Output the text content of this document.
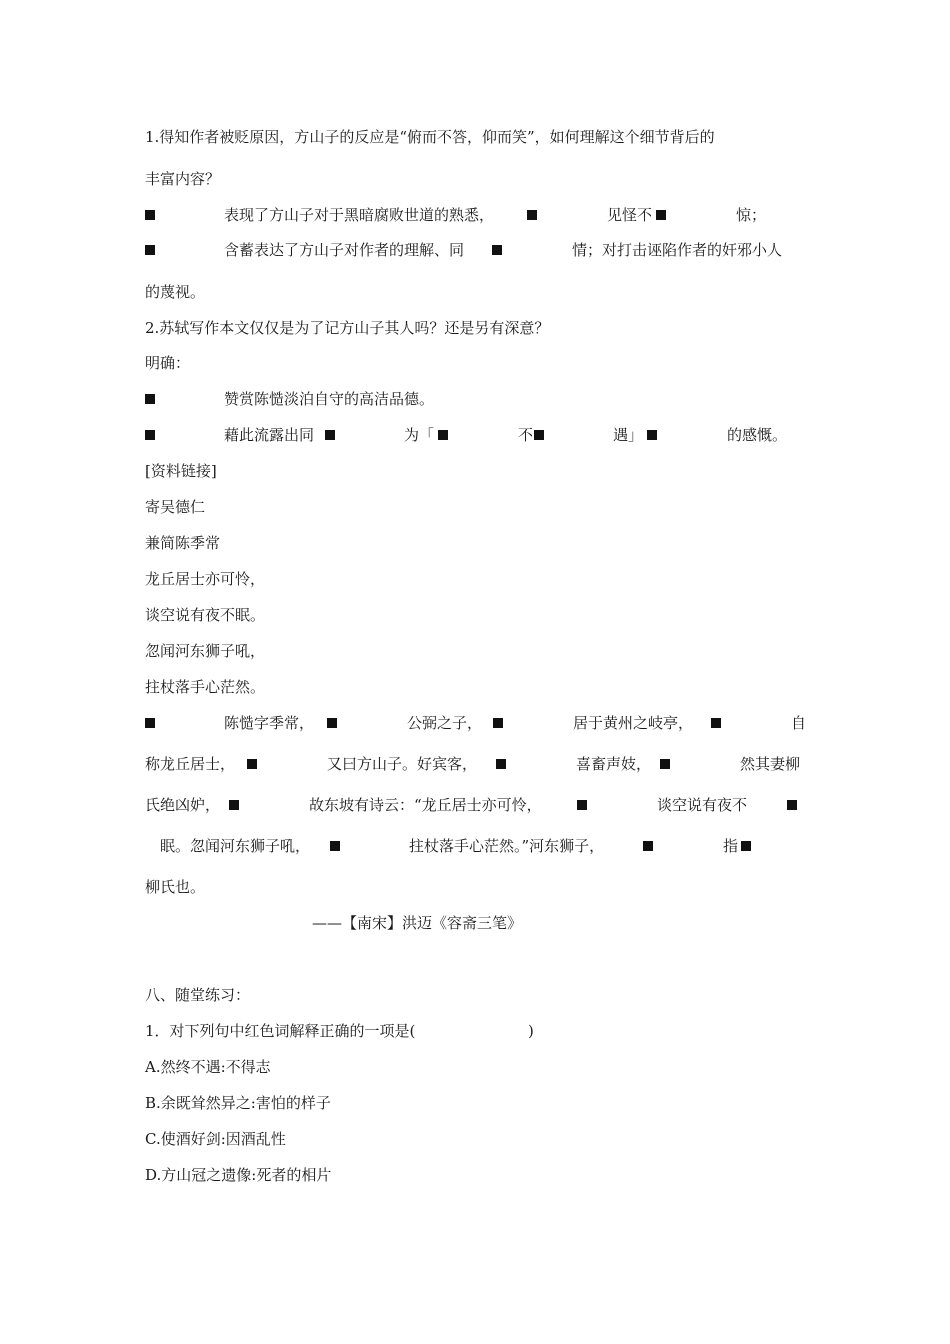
1.得知作者被贬原因，方山子的反应是“俯而不答，仰而笑”，如何理解这个细节背后的
丰富内容？
表现了方山子对于黑暗腐败世道的熟悉，	见怪不	惊；
含蓄表达了方山子对作者的理解、同	情；对打击诬陷作者的奸邪小人
的蔑视。
2.苏轼写作本文仅仅是为了记方山子其人吗？还是另有深意？
明确：
赞赏陈慥淡泊自守的高洁品德。
藉此流露出同	为「	不	遇」	的感慨。
[资料链接]
寄吴德仁
兼简陈季常
龙丘居士亦可怜，
谈空说有夜不眠。
忽闻河东狮子吼，
拄杖落手心茫然。
陈慥字季常，	公弼之子，	居于黄州之岐亭，	自
称龙丘居士，	又曰方山子。好宾客，	喜畜声妓，	然其妻柳
氏绝凶妒，	故东坡有诗云：“龙丘居士亦可怜，	谈空说有夜不
眠。忽闻河东狮子吼，	拄杖落手心茫然。”河东狮子，	指
柳氏也。
——【南宋】洪迈《容斋三笔》
八、随堂练习：
1．对下列句中红色词解释正确的一项是(	)
A.然终不遇:不得志
B.余既耸然异之:害怕的样子
C.使酒好剑:因酒乱性
D.方山冠之遗像:死者的相片
